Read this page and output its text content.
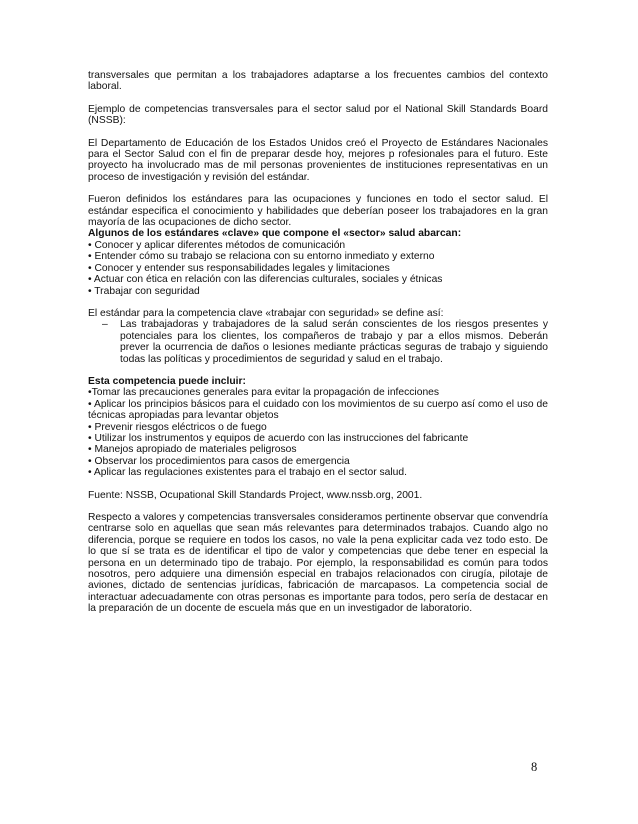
transversales que permitan a los trabajadores adaptarse a los frecuentes cambios del contexto laboral.

Ejemplo de competencias transversales para el sector salud por el National Skill Standards Board (NSSB):

El Departamento de Educación de los Estados Unidos creó el Proyecto de Estándares Nacionales para el Sector Salud con el fin de preparar desde hoy, mejores p rofesionales para el futuro. Este proyecto ha involucrado mas de mil personas provenientes de instituciones representativas en un proceso de investigación y revisión del estándar.

Fueron definidos los estándares para las ocupaciones y funciones en todo el sector salud. El estándar especifica el conocimiento y habilidades que deberían poseer los trabajadores en la gran mayoría de las ocupaciones de dicho sector.
Algunos de los estándares «clave» que compone el «sector» salud abarcan:
• Conocer y aplicar diferentes métodos de comunicación
• Entender cómo su trabajo se relaciona con su entorno inmediato y externo
• Conocer y entender sus responsabilidades legales y limitaciones
• Actuar con ética en relación con las diferencias culturales, sociales y étnicas
• Trabajar con seguridad
El estándar para la competencia clave «trabajar con seguridad» se define así:
– Las trabajadoras y trabajadores de la salud serán conscientes de los riesgos presentes y potenciales para los clientes, los compañeros de trabajo y par a ellos mismos. Deberán prever la ocurrencia de daños o lesiones mediante prácticas seguras de trabajo y siguiendo todas las políticas y procedimientos de seguridad y salud en el trabajo.
Esta competencia puede incluir:
•Tomar las precauciones generales para evitar la propagación de infecciones
• Aplicar los principios básicos para el cuidado con los movimientos de su cuerpo así como el uso de técnicas apropiadas para levantar objetos
• Prevenir riesgos eléctricos o de fuego
• Utilizar los instrumentos y equipos de acuerdo con las instrucciones del fabricante
• Manejos apropiado de materiales peligrosos
• Observar los procedimientos para casos de emergencia
• Aplicar las regulaciones existentes para el trabajo en el sector salud.

Fuente: NSSB, Ocupational Skill Standards Project, www.nssb.org, 2001.

Respecto a valores y competencias transversales consideramos pertinente observar que convendría centrarse solo en aquellas que sean más relevantes para determinados trabajos. Cuando algo no diferencia, porque se requiere en todos los casos, no vale la pena explicitar cada vez todo esto. De lo que sí se trata es de identificar el tipo de valor y competencias que debe tener en especial la persona en un determinado tipo de trabajo. Por ejemplo, la responsabilidad es común para todos nosotros, pero adquiere una dimensión especial en trabajos relacionados con cirugía, pilotaje de aviones, dictado de sentencias jurídicas, fabricación de marcapasos. La competencia social de interactuar adecuadamente con otras personas es importante para todos, pero sería de destacar en la preparación de un docente de escuela más que en un investigador de laboratorio.

8
